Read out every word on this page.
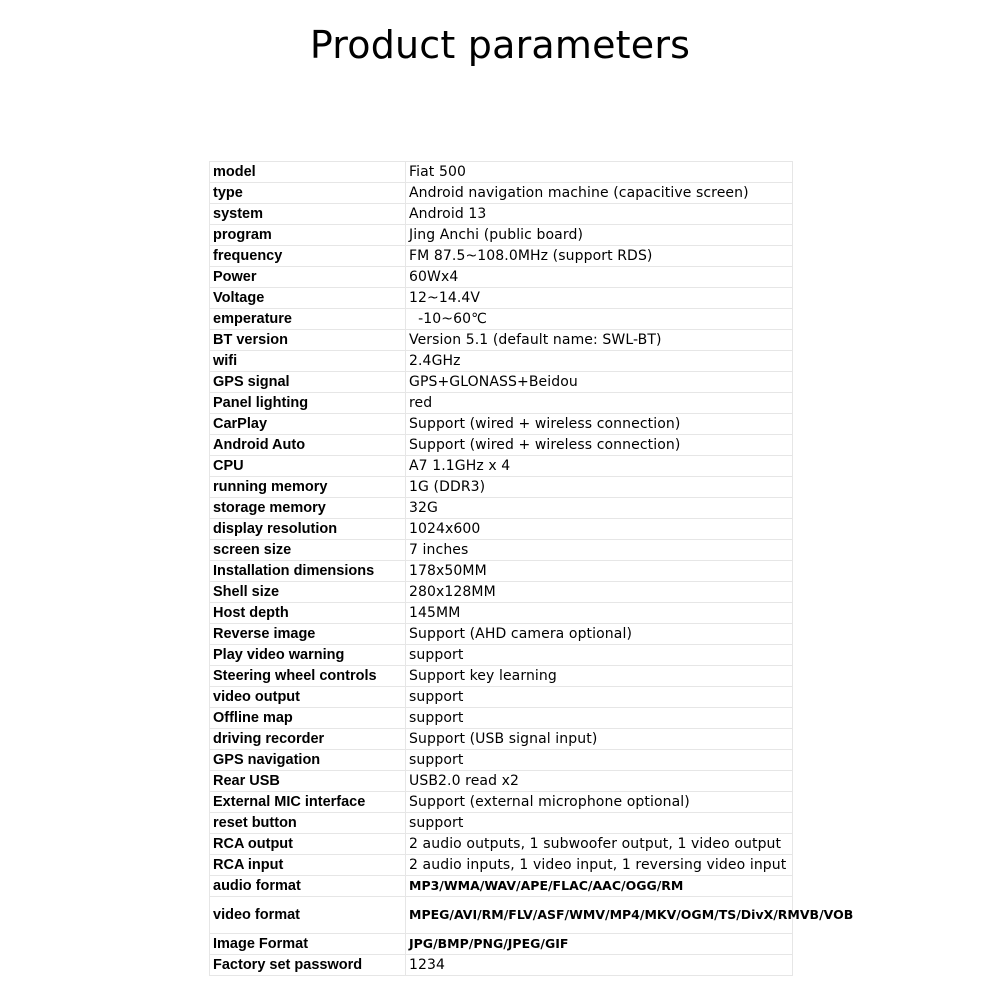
Product parameters
model	Fiat 500
type	Android navigation machine (capacitive screen)
system	Android 13
program	Jing Anchi (public board)
frequency	FM 87.5~108.0MHz (support RDS)
Power	60Wx4
Voltage	12~14.4V
emperature	-10~60℃
BT version	Version 5.1 (default name: SWL-BT)
wifi	2.4GHz
GPS signal	GPS+GLONASS+Beidou
Panel lighting	red
CarPlay	Support (wired + wireless connection)
Android Auto	Support (wired + wireless connection)
CPU	A7 1.1GHz x 4
running memory	1G (DDR3)
storage memory	32G
display resolution	1024x600
screen size	7 inches
Installation dimensions	178x50MM
Shell size	280x128MM
Host depth	145MM
Reverse image	Support (AHD camera optional)
Play video warning	support
Steering wheel controls	Support key learning
video output	support
Offline map	support
driving recorder	Support (USB signal input)
GPS navigation	support
Rear USB	USB2.0 read x2
External MIC interface	Support (external microphone optional)
reset button	support
RCA output	2 audio outputs, 1 subwoofer output, 1 video output
RCA input	2 audio inputs, 1 video input, 1 reversing video input
audio format	MP3/WMA/WAV/APE/FLAC/AAC/OGG/RM
video format	MPEG/AVI/RM/FLV/ASF/WMV/MP4/MKV/OGM/TS/DivX/RMVB/VOB
Image Format	JPG/BMP/PNG/JPEG/GIF
Factory set password	1234
